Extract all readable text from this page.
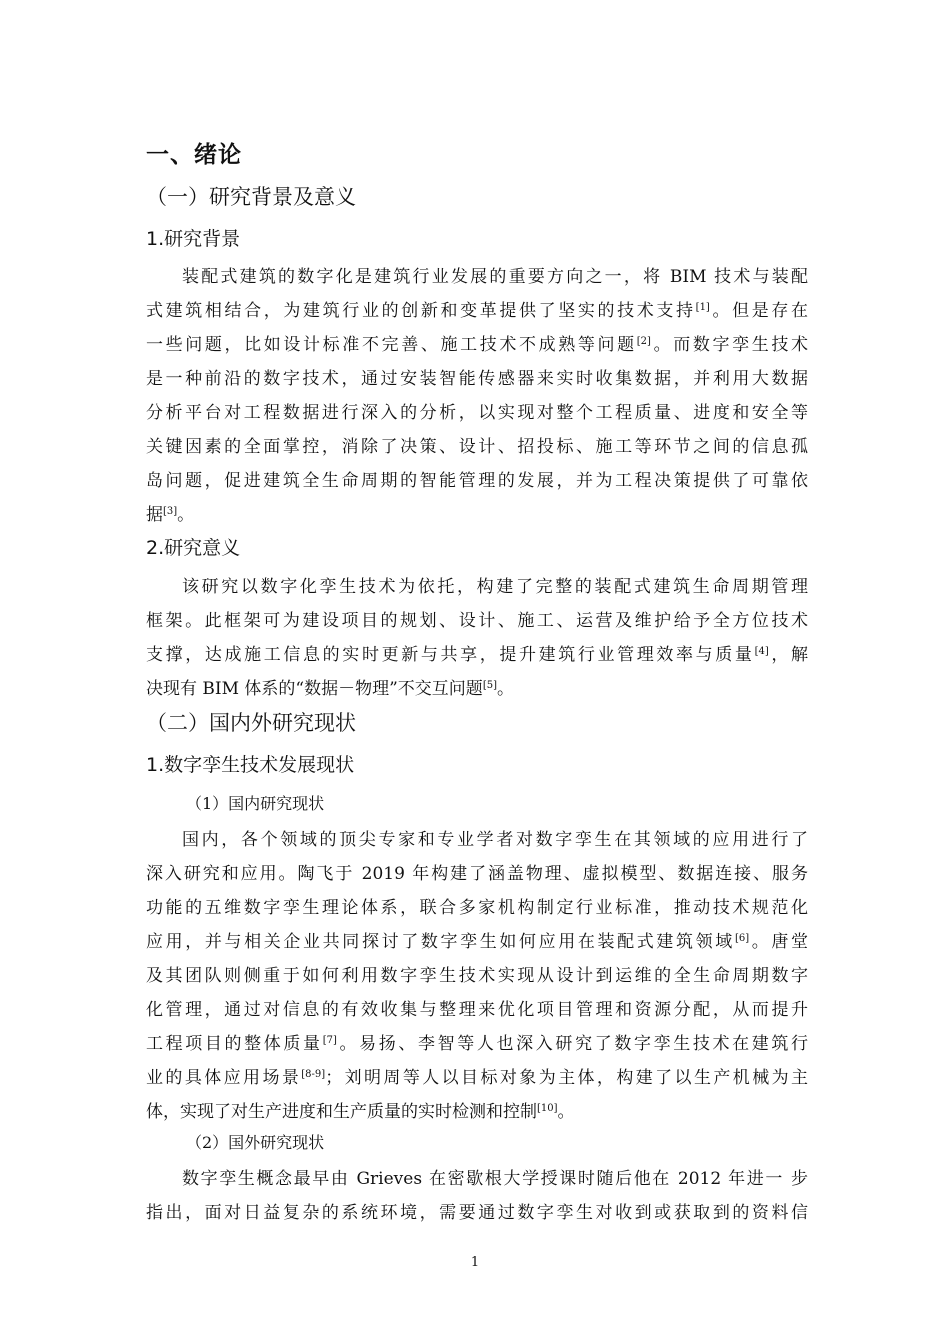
一、绪论
（一）研究背景及意义
1.研究背景
装配式建筑的数字化是建筑行业发展的重要方向之一，将 BIM 技术与装配
式建筑相结合，为建筑行业的创新和变革提供了坚实的技术支持[1]。但是存在
一些问题，比如设计标准不完善、施工技术不成熟等问题[2]。而数字孪生技术
是一种前沿的数字技术，通过安装智能传感器来实时收集数据，并利用大数据
分析平台对工程数据进行深入的分析，以实现对整个工程质量、进度和安全等
关键因素的全面掌控，消除了决策、设计、招投标、施工等环节之间的信息孤
岛问题，促进建筑全生命周期的智能管理的发展，并为工程决策提供了可靠依
据[3]。
2.研究意义
该研究以数字化孪生技术为依托，构建了完整的装配式建筑生命周期管理
框架。此框架可为建设项目的规划、设计、施工、运营及维护给予全方位技术
支撑，达成施工信息的实时更新与共享，提升建筑行业管理效率与质量[4]，解
决现有 BIM 体系的“数据－物理”不交互问题[5]。
（二）国内外研究现状
1.数字孪生技术发展现状
（1）国内研究现状
国内，各个领域的顶尖专家和专业学者对数字孪生在其领域的应用进行了
深入研究和应用。陶飞于 2019 年构建了涵盖物理、虚拟模型、数据连接、服务
功能的五维数字孪生理论体系，联合多家机构制定行业标准，推动技术规范化
应用，并与相关企业共同探讨了数字孪生如何应用在装配式建筑领域[6]。唐堂
及其团队则侧重于如何利用数字孪生技术实现从设计到运维的全生命周期数字
化管理，通过对信息的有效收集与整理来优化项目管理和资源分配，从而提升
工程项目的整体质量[7]。易扬、李智等人也深入研究了数字孪生技术在建筑行
业的具体应用场景[8-9]；刘明周等人以目标对象为主体，构建了以生产机械为主
体，实现了对生产进度和生产质量的实时检测和控制[10]。
（2）国外研究现状
数字孪生概念最早由 Grieves 在密歇根大学授课时随后他在 2012 年进一 步
指出，面对日益复杂的系统环境，需要通过数字孪生对收到或获取到的资料信
1
